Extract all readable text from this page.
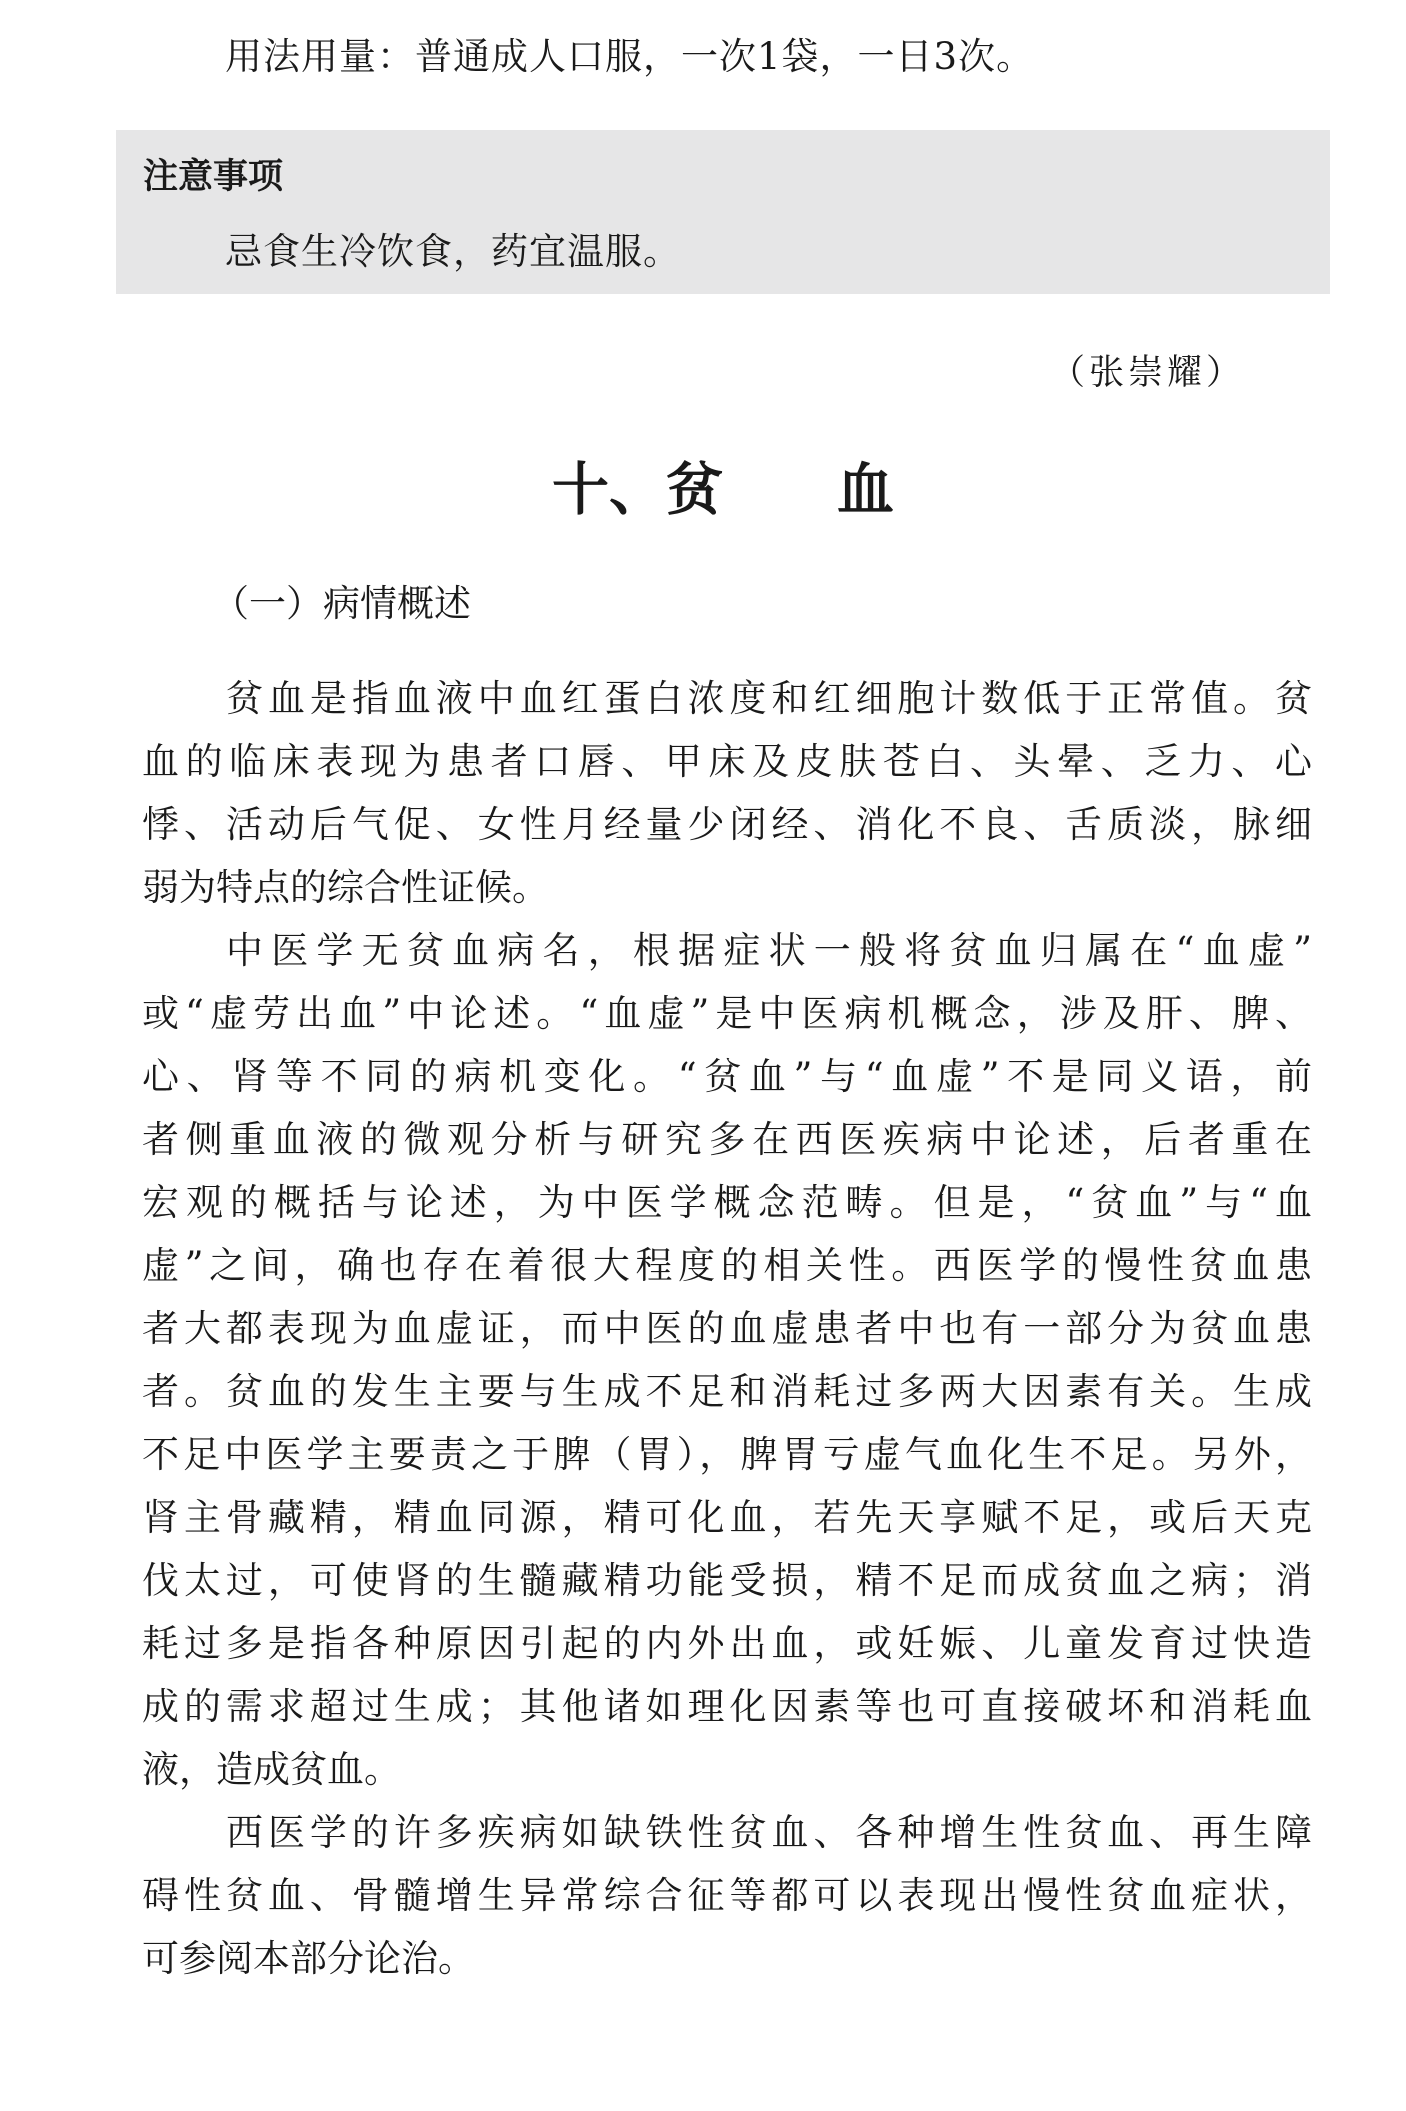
用法用量：普通成人口服，一次1袋，一日3次。
注意事项
忌食生冷饮食，药宜温服。
（张崇耀）
十、贫　　血
（一）病情概述
贫血是指血液中血红蛋白浓度和红细胞计数低于正常值。贫
血的临床表现为患者口唇、甲床及皮肤苍白、头晕、乏力、心
悸、活动后气促、女性月经量少闭经、消化不良、舌质淡，脉细
弱为特点的综合性证候。
中医学无贫血病名，根据症状一般将贫血归属在“血虚”
或“虚劳出血”中论述。“血虚”是中医病机概念，涉及肝、脾、
心、肾等不同的病机变化。“贫血”与“血虚”不是同义语，前
者侧重血液的微观分析与研究多在西医疾病中论述，后者重在
宏观的概括与论述，为中医学概念范畴。但是，“贫血”与“血
虚”之间，确也存在着很大程度的相关性。西医学的慢性贫血患
者大都表现为血虚证，而中医的血虚患者中也有一部分为贫血患
者。贫血的发生主要与生成不足和消耗过多两大因素有关。生成
不足中医学主要责之于脾（胃），脾胃亏虚气血化生不足。另外，
肾主骨藏精，精血同源，精可化血，若先天享赋不足，或后天克
伐太过，可使肾的生髓藏精功能受损，精不足而成贫血之病；消
耗过多是指各种原因引起的内外出血，或妊娠、儿童发育过快造
成的需求超过生成；其他诸如理化因素等也可直接破坏和消耗血
液，造成贫血。
西医学的许多疾病如缺铁性贫血、各种增生性贫血、再生障
碍性贫血、骨髓增生异常综合征等都可以表现出慢性贫血症状，
可参阅本部分论治。
